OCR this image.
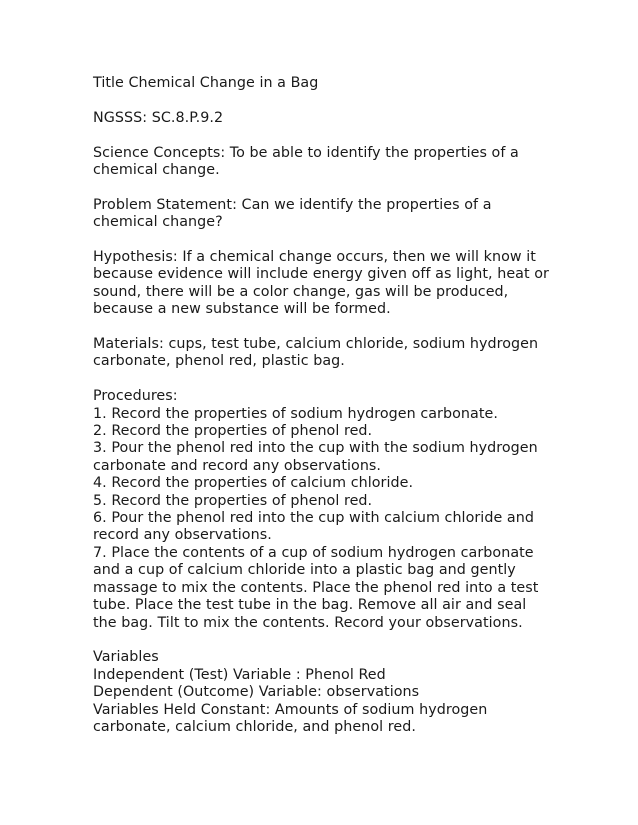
Title Chemical Change in a Bag

NGSSS: SC.8.P.9.2

Science Concepts: To be able to identify the properties of a
chemical change.

Problem Statement: Can we identify the properties of a
chemical change?

Hypothesis: If a chemical change occurs, then we will know it
because evidence will include energy given off as light, heat or
sound, there will be a color change, gas will be produced,
because a new substance will be formed.

Materials: cups, test tube, calcium chloride, sodium hydrogen
carbonate, phenol red, plastic bag.

Procedures:
1. Record the properties of sodium hydrogen carbonate.
2. Record the properties of phenol red.
3. Pour the phenol red into the cup with the sodium hydrogen
carbonate and record any observations.
4. Record the properties of calcium chloride.
5. Record the properties of phenol red.
6. Pour the phenol red into the cup with calcium chloride and
record any observations.
7. Place the contents of a cup of sodium hydrogen carbonate
and a cup of calcium chloride into a plastic bag and gently
massage to mix the contents. Place the phenol red into a test
tube. Place the test tube in the bag. Remove all air and seal
the bag. Tilt to mix the contents. Record your observations.

Variables
Independent (Test) Variable : Phenol Red
Dependent (Outcome) Variable: observations
Variables Held Constant: Amounts of sodium hydrogen
carbonate, calcium chloride, and phenol red.
